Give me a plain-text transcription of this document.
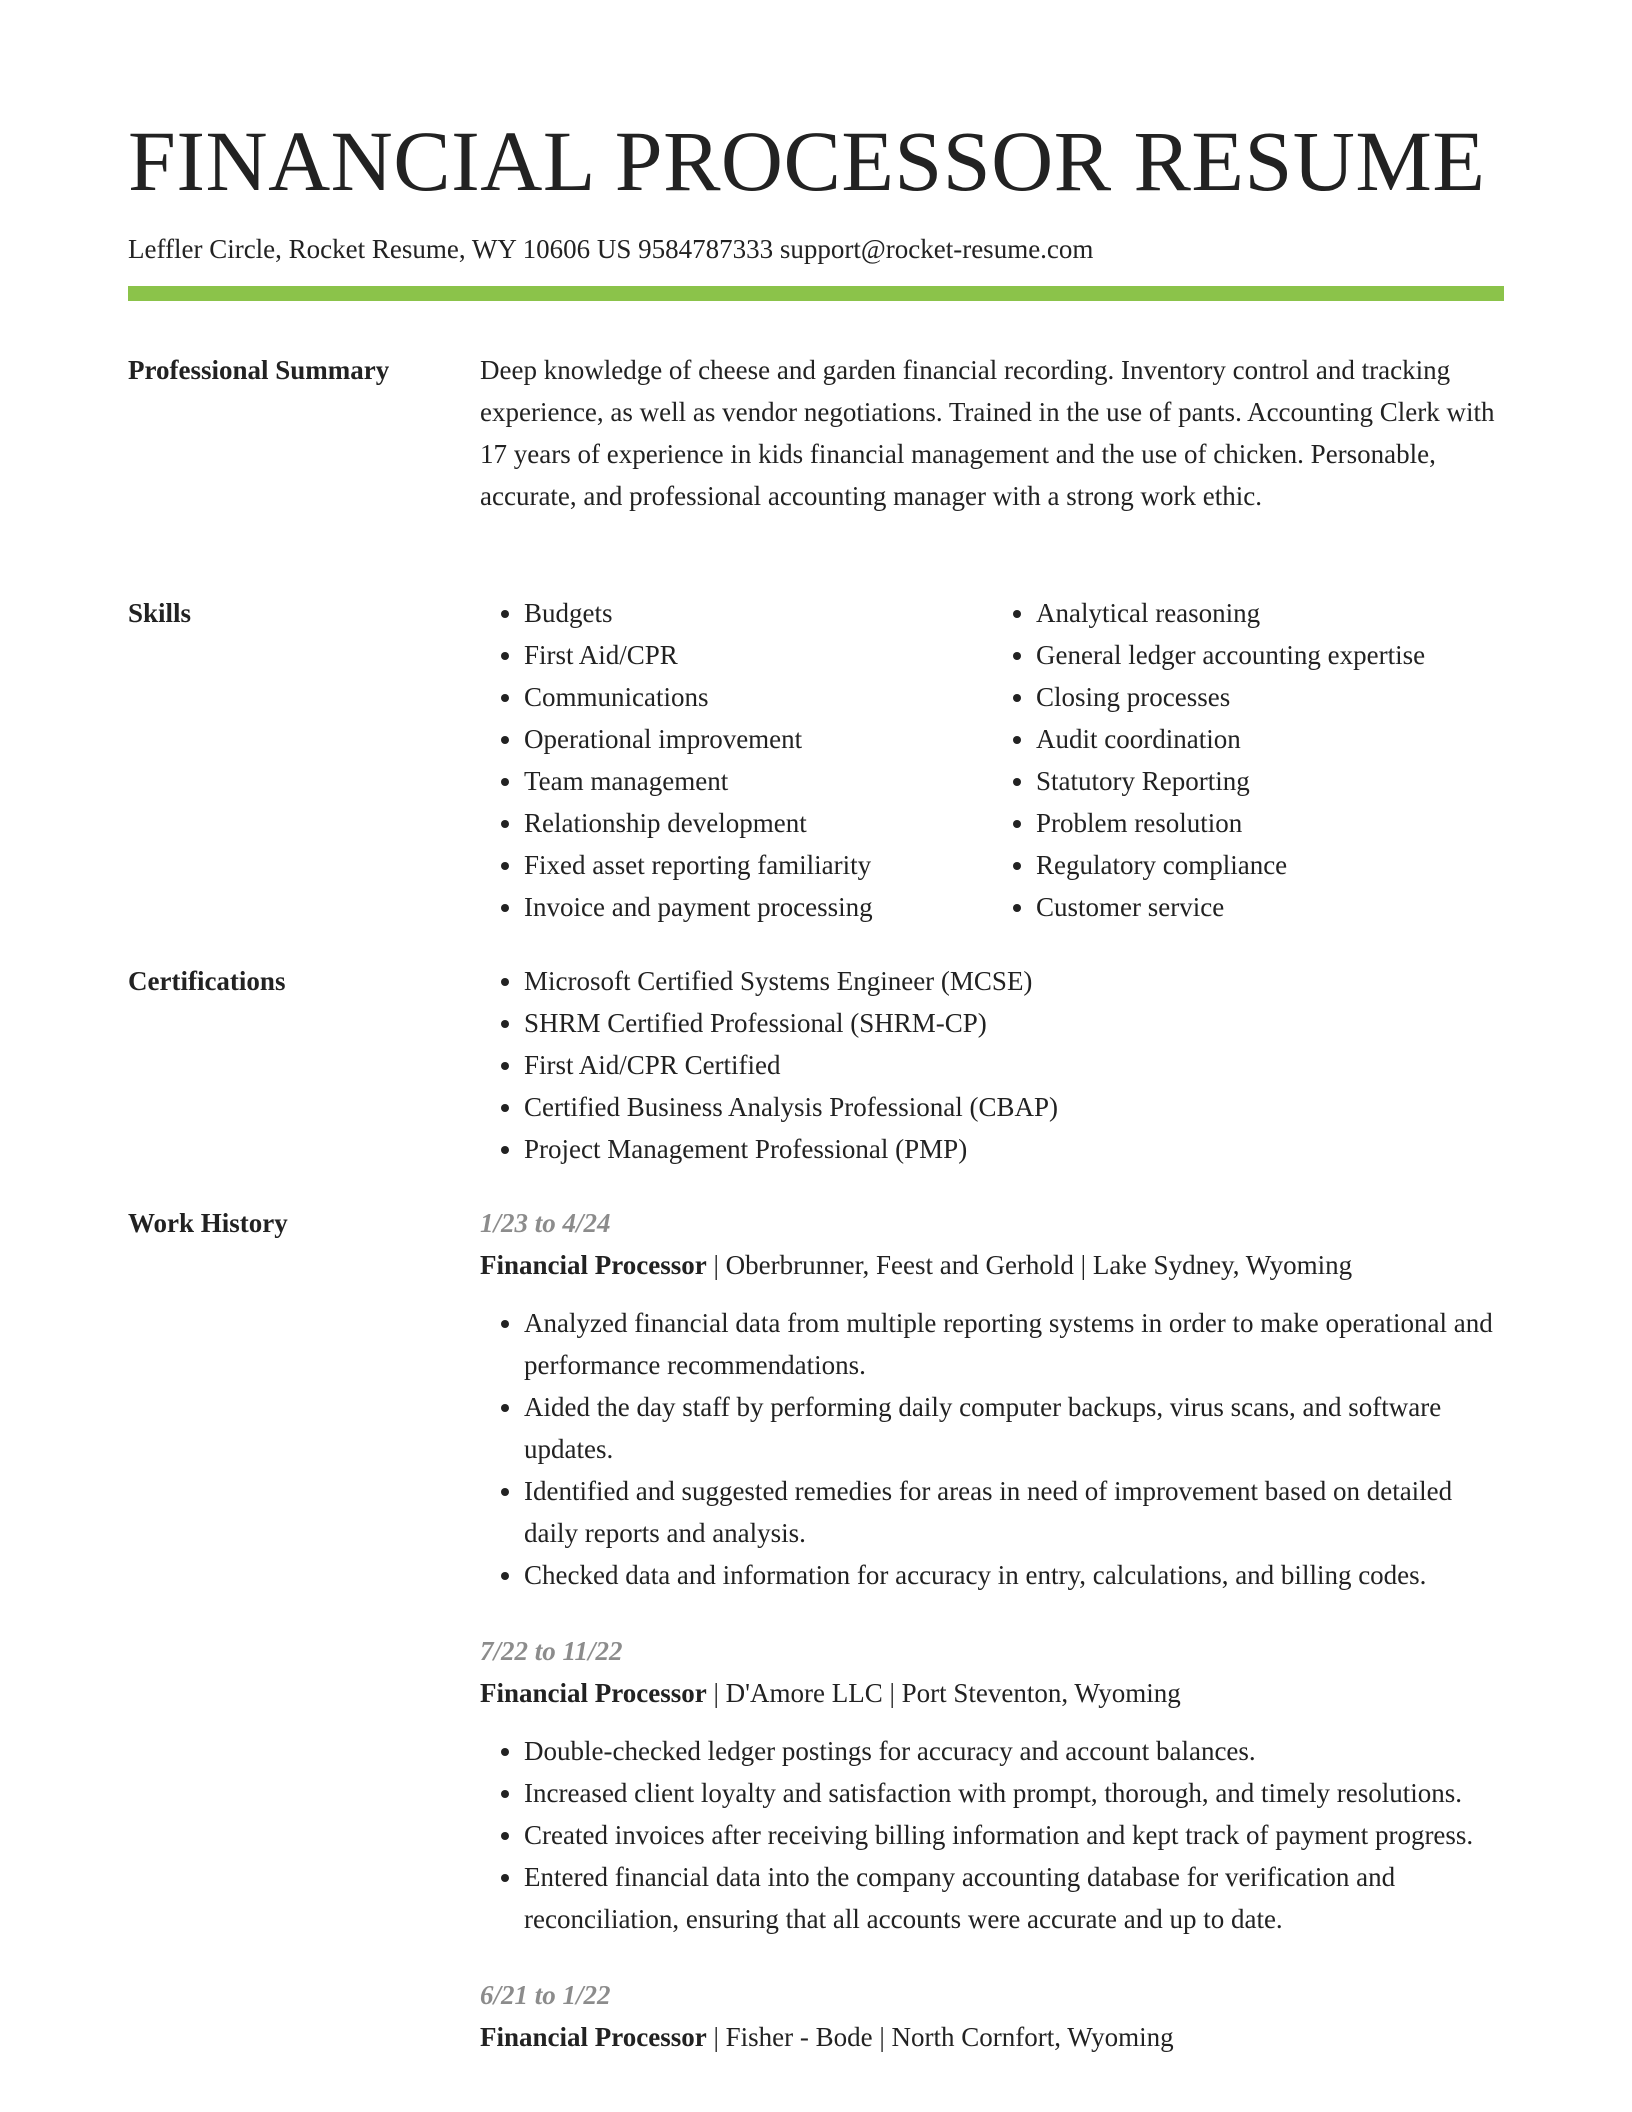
FINANCIAL PROCESSOR RESUME
Leffler Circle, Rocket Resume, WY 10606 US 9584787333 support@rocket-resume.com
Professional Summary	Deep knowledge of cheese and garden financial recording. Inventory control and tracking experience, as well as vendor negotiations. Trained in the use of pants. Accounting Clerk with 17 years of experience in kids financial management and the use of chicken. Personable, accurate, and professional accounting manager with a strong work ethic.

Skills	• Budgets
• First Aid/CPR
• Communications
• Operational improvement
• Team management
• Relationship development
• Fixed asset reporting familiarity
• Invoice and payment processing
• Analytical reasoning
• General ledger accounting expertise
• Closing processes
• Audit coordination
• Statutory Reporting
• Problem resolution
• Regulatory compliance
• Customer service
Certifications	• Microsoft Certified Systems Engineer (MCSE)
• SHRM Certified Professional (SHRM-CP)
• First Aid/CPR Certified
• Certified Business Analysis Professional (CBAP)
• Project Management Professional (PMP)
Work History	1/23 to 4/24
Financial Processor | Oberbrunner, Feest and Gerhold | Lake Sydney, Wyoming
• Analyzed financial data from multiple reporting systems in order to make operational and performance recommendations.
• Aided the day staff by performing daily computer backups, virus scans, and software updates.
• Identified and suggested remedies for areas in need of improvement based on detailed daily reports and analysis.
• Checked data and information for accuracy in entry, calculations, and billing codes.
7/22 to 11/22
Financial Processor | D'Amore LLC | Port Steventon, Wyoming
• Double-checked ledger postings for accuracy and account balances.
• Increased client loyalty and satisfaction with prompt, thorough, and timely resolutions.
• Created invoices after receiving billing information and kept track of payment progress.
• Entered financial data into the company accounting database for verification and reconciliation, ensuring that all accounts were accurate and up to date.
6/21 to 1/22
Financial Processor | Fisher - Bode | North Cornfort, Wyoming
